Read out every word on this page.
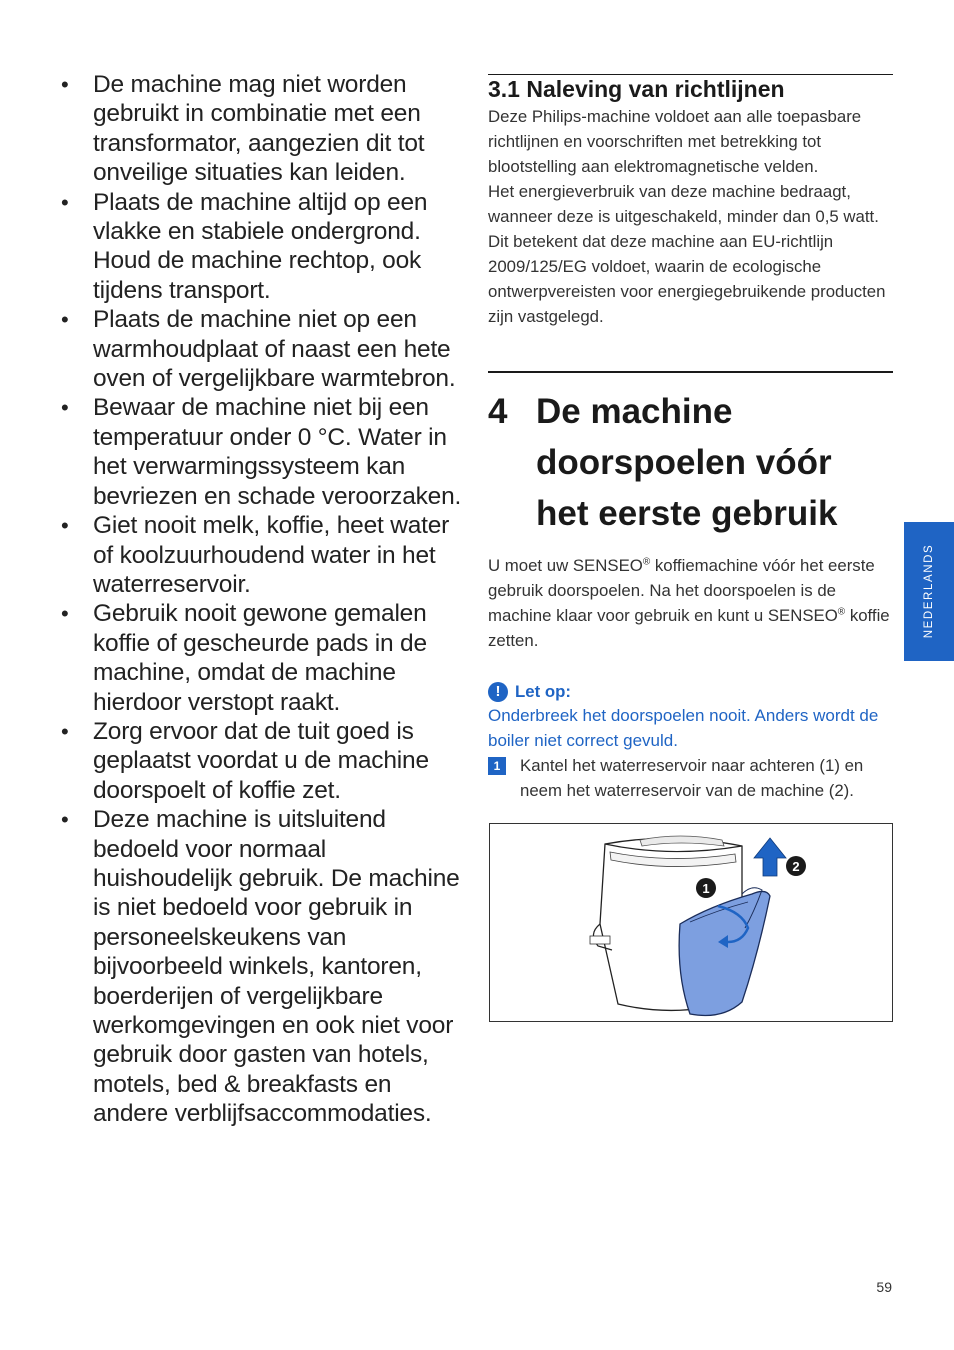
• De machine mag niet worden gebruikt in combinatie met een transformator, aangezien dit tot onveilige situaties kan leiden.
• Plaats de machine altijd op een vlakke en stabiele ondergrond. Houd de machine rechtop, ook tijdens transport.
• Plaats de machine niet op een warmhoudplaat of naast een hete oven of vergelijkbare warmtebron.
• Bewaar de machine niet bij een temperatuur onder 0 °C. Water in het verwarmingssysteem kan bevriezen en schade veroorzaken.
• Giet nooit melk, koffie, heet water of koolzuurhoudend water in het waterreservoir.
• Gebruik nooit gewone gemalen koffie of gescheurde pads in de machine, omdat de machine hierdoor verstopt raakt.
• Zorg ervoor dat de tuit goed is geplaatst voordat u de machine doorspoelt of koffie zet.
• Deze machine is uitsluitend bedoeld voor normaal huishoudelijk gebruik. De machine is niet bedoeld voor gebruik in personeelskeukens van bijvoorbeeld winkels, kantoren, boerderijen of vergelijkbare werkomgevingen en ook niet voor gebruik door gasten van hotels, motels, bed & breakfasts en andere verblijfsaccommodaties.
3.1 Naleving van richtlijnen

Deze Philips-machine voldoet aan alle toepasbare richtlijnen en voorschriften met betrekking tot blootstelling aan elektromagnetische velden.

Het energieverbruik van deze machine bedraagt, wanneer deze is uitgeschakeld, minder dan 0,5 watt. Dit betekent dat deze machine aan EU-richtlijn 2009/125/EG voldoet, waarin de ecologische ontwerpvereisten voor energiegebruikende producten zijn vastgelegd.

4 De machine doorspoelen vóór het eerste gebruik

U moet uw SENSEO® koffiemachine vóór het eerste gebruik doorspoelen. Na het doorspoelen is de machine klaar voor gebruik en kunt u SENSEO® koffie zetten.

! Let op:

Onderbreek het doorspoelen nooit. Anders wordt de boiler niet correct gevuld.

1	Kantel het waterreservoir naar achteren (1) en neem het waterreservoir van de machine (2).
1
2
NEDERLANDS
59
